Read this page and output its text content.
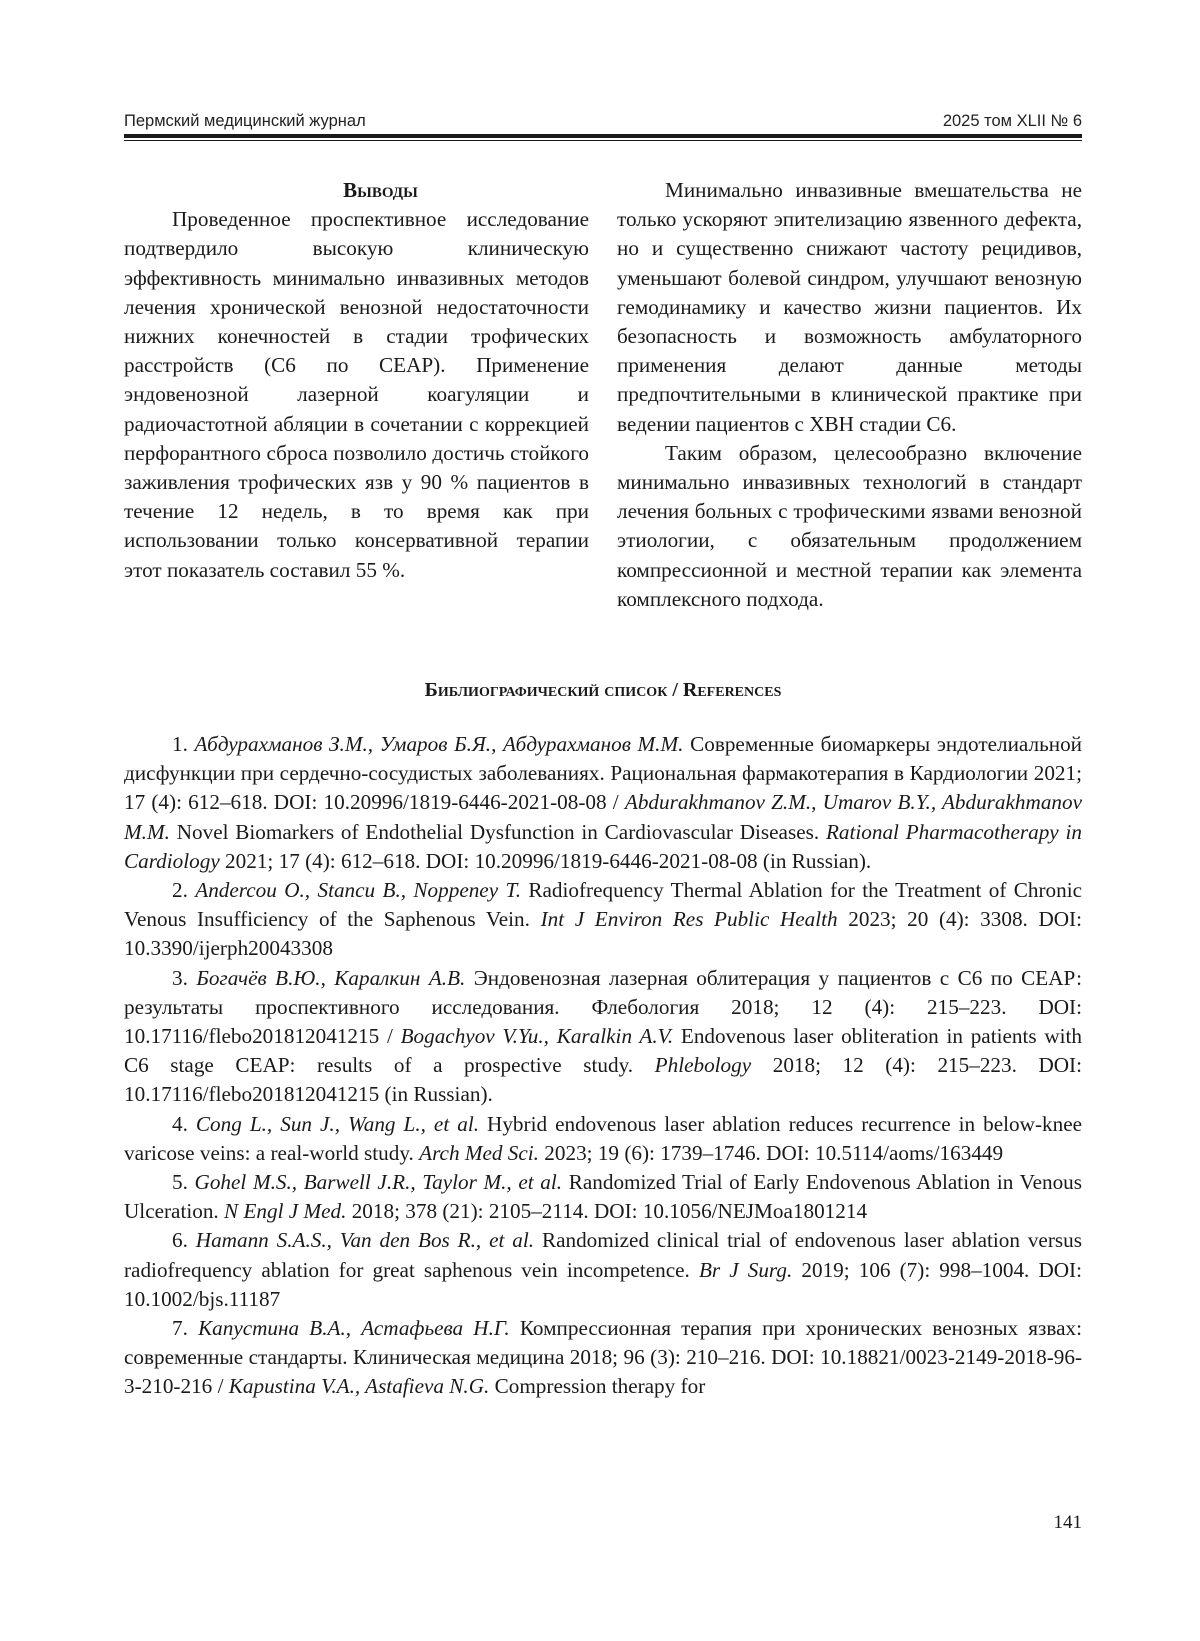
Пермский медицинский журнал	2025 том XLII № 6

Выводы

Проведенное проспективное исследование подтвердило высокую клиническую эффективность минимально инвазивных методов лечения хронической венозной недостаточности нижних конечностей в стадии трофических расстройств (С6 по СЕАР). Применение эндовенозной лазерной коагуляции и радиочастотной абляции в сочетании с коррекцией перфорантного сброса позволило достичь стойкого заживления трофических язв у 90 % пациентов в течение 12 недель, в то время как при использовании только консервативной терапии этот показатель составил 55 %.

Минимально инвазивные вмешательства не только ускоряют эпителизацию язвенного дефекта, но и существенно снижают частоту рецидивов, уменьшают болевой синдром, улучшают венозную гемодинамику и качество жизни пациентов. Их безопасность и возможность амбулаторного применения делают данные методы предпочтительными в клинической практике при ведении пациентов с ХВН стадии С6.

Таким образом, целесообразно включение минимально инвазивных технологий в стандарт лечения больных с трофическими язвами венозной этиологии, с обязательным продолжением компрессионной и местной терапии как элемента комплексного подхода.

Библиографический список / References

1. Абдурахманов З.М., Умаров Б.Я., Абдурахманов М.М. Современные биомаркеры эндотелиальной дисфункции при сердечно-сосудистых заболеваниях. Рациональная фармакотерапия в Кардиологии 2021; 17 (4): 612–618. DOI: 10.20996/1819-6446-2021-08-08 / Abdurakhmanov Z.M., Umarov B.Y., Abdurakhmanov M.M. Novel Biomarkers of Endothelial Dysfunction in Cardiovascular Diseases. Rational Pharmacotherapy in Cardiology 2021; 17 (4): 612–618. DOI: 10.20996/1819-6446-2021-08-08 (in Russian).

2. Andercou O., Stancu B., Noppeney T. Radiofrequency Thermal Ablation for the Treatment of Chronic Venous Insufficiency of the Saphenous Vein. Int J Environ Res Public Health 2023; 20 (4): 3308. DOI: 10.3390/ijerph20043308

3. Богачёв В.Ю., Каралкин А.В. Эндовенозная лазерная облитерация у пациентов с С6 по СЕАР: результаты проспективного исследования. Флебология 2018; 12 (4): 215–223. DOI: 10.17116/flebo201812041215 / Bogachyov V.Yu., Karalkin A.V. Endovenous laser obliteration in patients with C6 stage CEAP: results of a prospective study. Phlebology 2018; 12 (4): 215–223. DOI: 10.17116/flebo201812041215 (in Russian).

4. Cong L., Sun J., Wang L., et al. Hybrid endovenous laser ablation reduces recurrence in below-knee varicose veins: a real-world study. Arch Med Sci. 2023; 19 (6): 1739–1746. DOI: 10.5114/aoms/163449

5. Gohel M.S., Barwell J.R., Taylor M., et al. Randomized Trial of Early Endovenous Ablation in Venous Ulceration. N Engl J Med. 2018; 378 (21): 2105–2114. DOI: 10.1056/NEJMoa1801214

6. Hamann S.A.S., Van den Bos R., et al. Randomized clinical trial of endovenous laser ablation versus radiofrequency ablation for great saphenous vein incompetence. Br J Surg. 2019; 106 (7): 998–1004. DOI: 10.1002/bjs.11187

7. Капустина В.А., Астафьева Н.Г. Компрессионная терапия при хронических венозных язвах: современные стандарты. Клиническая медицина 2018; 96 (3): 210–216. DOI: 10.18821/0023-2149-2018-96-3-210-216 / Kapustina V.A., Astafieva N.G. Compression therapy for

141
